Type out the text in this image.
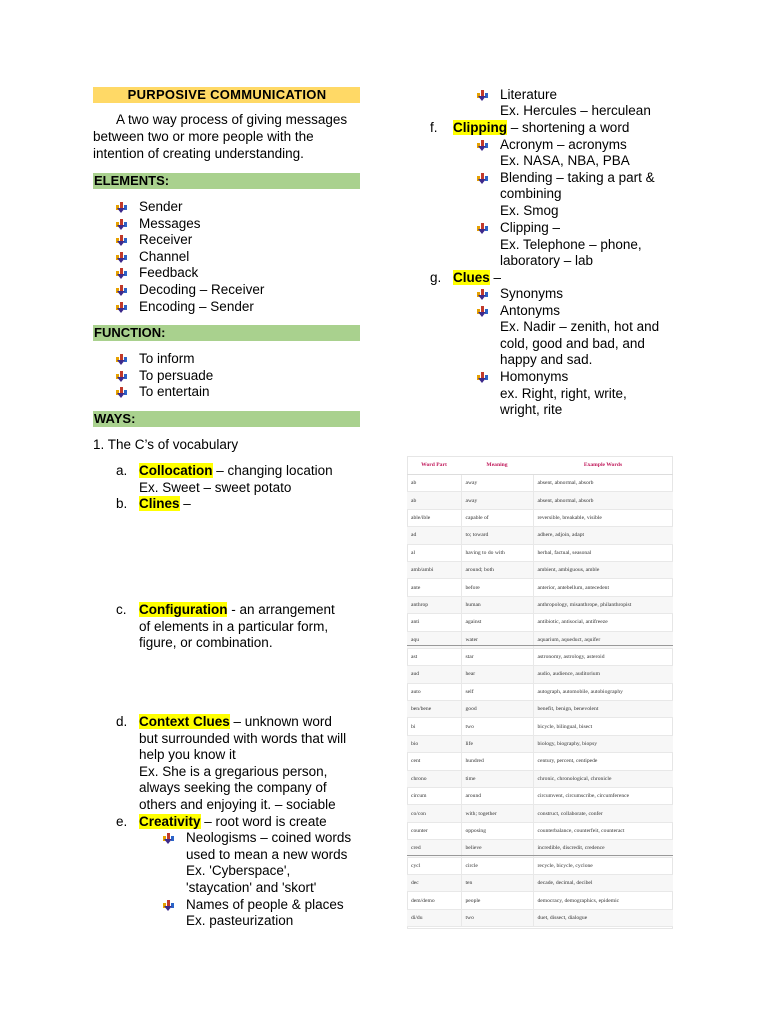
PURPOSIVE COMMUNICATION
A two way process of giving messages
between two or more people with the
intention of creating understanding.
ELEMENTS:
Sender
Messages
Receiver
Channel
Feedback
Decoding – Receiver
Encoding – Sender
FUNCTION:
To inform
To persuade
To entertain
WAYS:
1. The C’s of vocabulary
a. Collocation – changing location
Ex. Sweet – sweet potato
b. Clines –
c. Configuration - an arrangement
of elements in a particular form,
figure, or combination.
d. Context Clues – unknown word
but surrounded with words that will
help you know it
Ex. She is a gregarious person,
always seeking the company of
others and enjoying it. – sociable
e. Creativity – root word is create
Neologisms – coined words
used to mean a new words
Ex. 'Cyberspace',
'staycation' and 'skort'
Names of people & places
Ex. pasteurization
Literature
Ex. Hercules – herculean
f. Clipping – shortening a word
Acronym – acronyms
Ex. NASA, NBA, PBA
Blending – taking a part &
combining
Ex. Smog
Clipping –
Ex. Telephone – phone,
laboratory – lab
g. Clues –
Synonyms
Antonyms
Ex. Nadir – zenith, hot and
cold, good and bad, and
happy and sad.
Homonyms
ex. Right, right, write,
wright, rite
Word Part	Meaning	Example Words
ab	away	absent, abnormal, absorb
ab	away	absent, abnormal, absorb
able/ible	capable of	reversible, breakable, visible
ad	to; toward	adhere, adjoin, adapt
al	having to do with	herbal, factual, seasonal
amb/ambi	around; both	ambient, ambiguous, amble
ante	before	anterior, antebellum, antecedent
anthrop	human	anthropology, misanthrope, philanthropist
anti	against	antibiotic, antisocial, antifreeze
aqu	water	aquarium, aqueduct, aquifer
ast	star	astronomy, astrology, asteroid
aud	hear	audio, audience, auditorium
auto	self	autograph, automobile, autobiography
ben/bene	good	benefit, benign, benevolent
bi	two	bicycle, bilingual, bisect
bio	life	biology, biography, biopsy
cent	hundred	century, percent, centipede
chrono	time	chronic, chronological, chronicle
circum	around	circumvent, circumscribe, circumference
co/con	with; together	construct, collaborate, confer
counter	opposing	counterbalance, counterfeit, counteract
cred	believe	incredible, discredit, credence
cycl	circle	recycle, bicycle, cyclone
dec	ten	decade, decimal, decibel
dem/demo	people	democracy, demographics, epidemic
di/du	two	duet, dissect, dialogue
